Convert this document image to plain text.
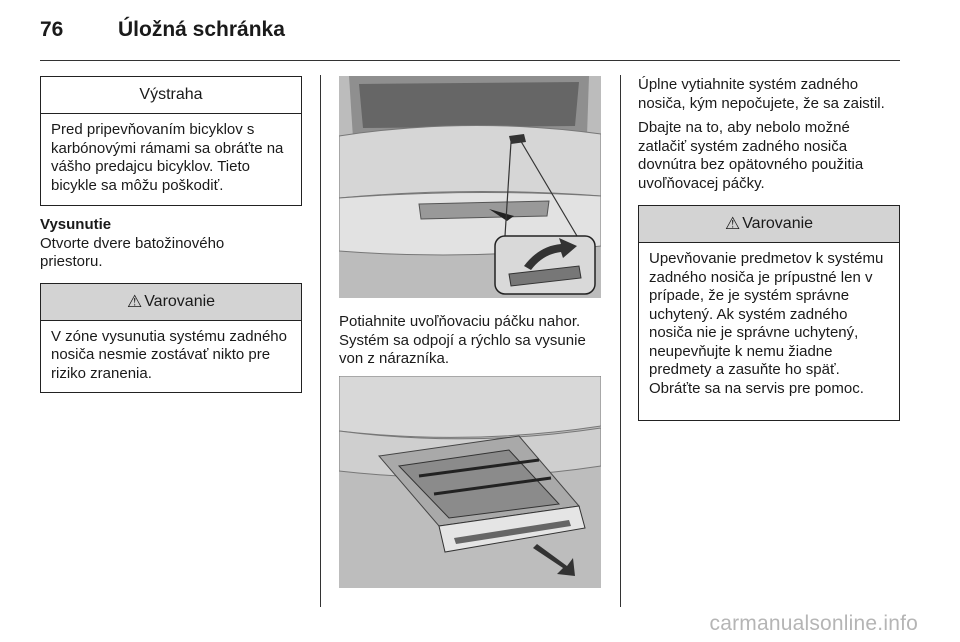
76	Úložná schránka
Výstraha
Pred pripevňovaním bicyklov s karbónovými rámami sa obráťte na vášho predajcu bicyklov. Tieto bicykle sa môžu poškodiť.
Vysunutie
Otvorte dvere batožinového priestoru.
⚠ Varovanie
V zóne vysunutia systému zadného nosiča nesmie zostávať nikto pre riziko zranenia.
Potiahnite uvoľňovaciu páčku nahor. Systém sa odpojí a rýchlo sa vysunie von z nárazníka.
Úplne vytiahnite systém zadného nosiča, kým nepočujete, že sa zaistil.
Dbajte na to, aby nebolo možné zatlačiť systém zadného nosiča dovnútra bez opätovného použitia uvoľňovacej páčky.
⚠ Varovanie
Upevňovanie predmetov k systému zadného nosiča je prípustné len v prípade, že je systém správne uchytený. Ak systém zadného nosiča nie je správne uchytený, neupevňujte k nemu žiadne predmety a zasuňte ho späť. Obráťte sa na servis pre pomoc.
carmanualsonline.info
